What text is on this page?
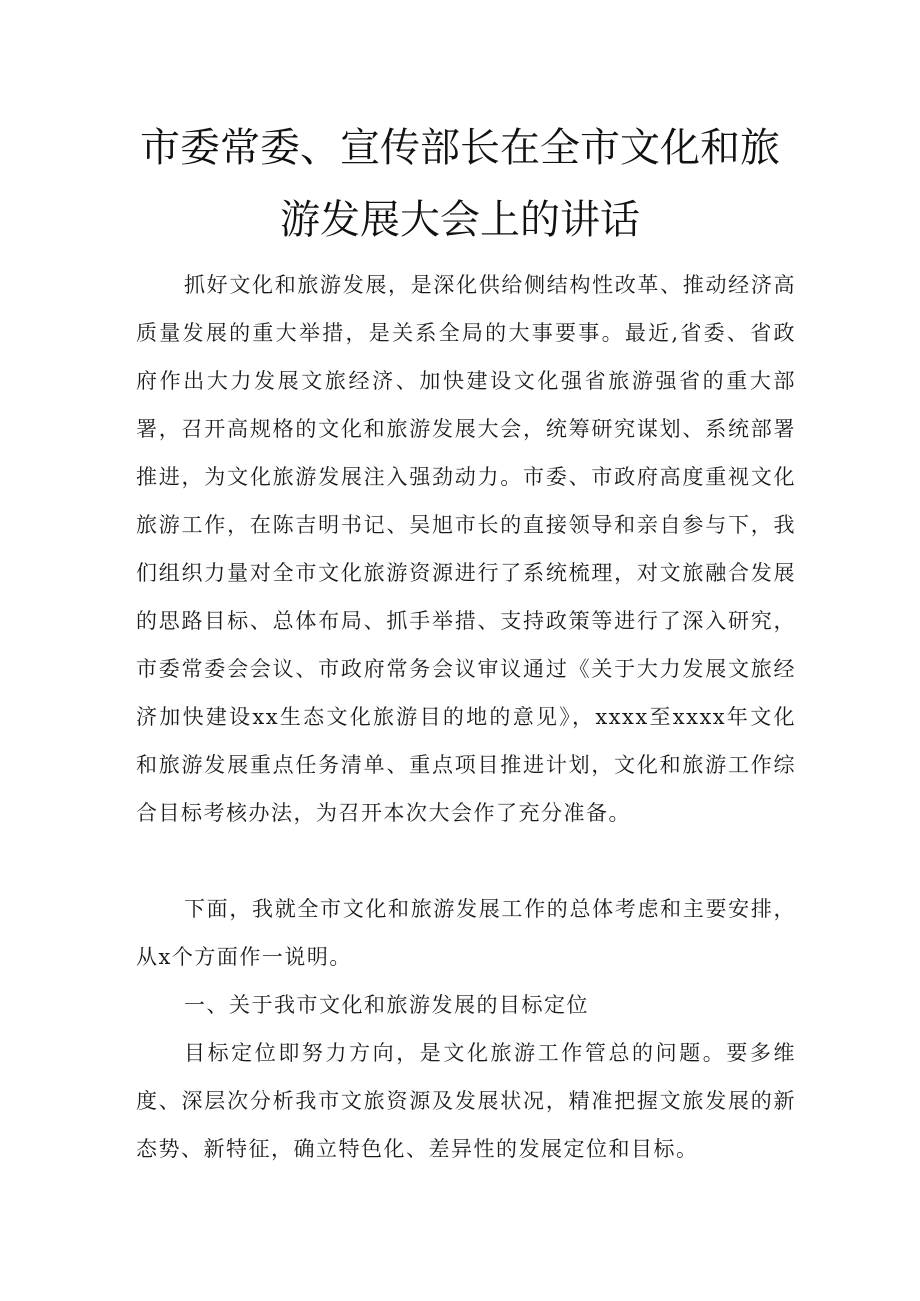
市委常委、宣传部长在全市文化和旅
游发展大会上的讲话

抓好文化和旅游发展，是深化供给侧结构性改革、推动经济高质量发展的重大举措，是关系全局的大事要事。最近,省委、省政府作出大力发展文旅经济、加快建设文化强省旅游强省的重大部署，召开高规格的文化和旅游发展大会，统筹研究谋划、系统部署推进，为文化旅游发展注入强劲动力。市委、市政府高度重视文化旅游工作，在陈吉明书记、吴旭市长的直接领导和亲自参与下，我们组织力量对全市文化旅游资源进行了系统梳理，对文旅融合发展的思路目标、总体布局、抓手举措、支持政策等进行了深入研究，市委常委会会议、市政府常务会议审议通过《关于大力发展文旅经济加快建设xx生态文化旅游目的地的意见》，xxxx至xxxx年文化和旅游发展重点任务清单、重点项目推进计划，文化和旅游工作综合目标考核办法，为召开本次大会作了充分准备。

下面，我就全市文化和旅游发展工作的总体考虑和主要安排，从x个方面作一说明。

一、关于我市文化和旅游发展的目标定位

目标定位即努力方向，是文化旅游工作管总的问题。要多维度、深层次分析我市文旅资源及发展状况，精准把握文旅发展的新态势、新特征，确立特色化、差异性的发展定位和目标。
